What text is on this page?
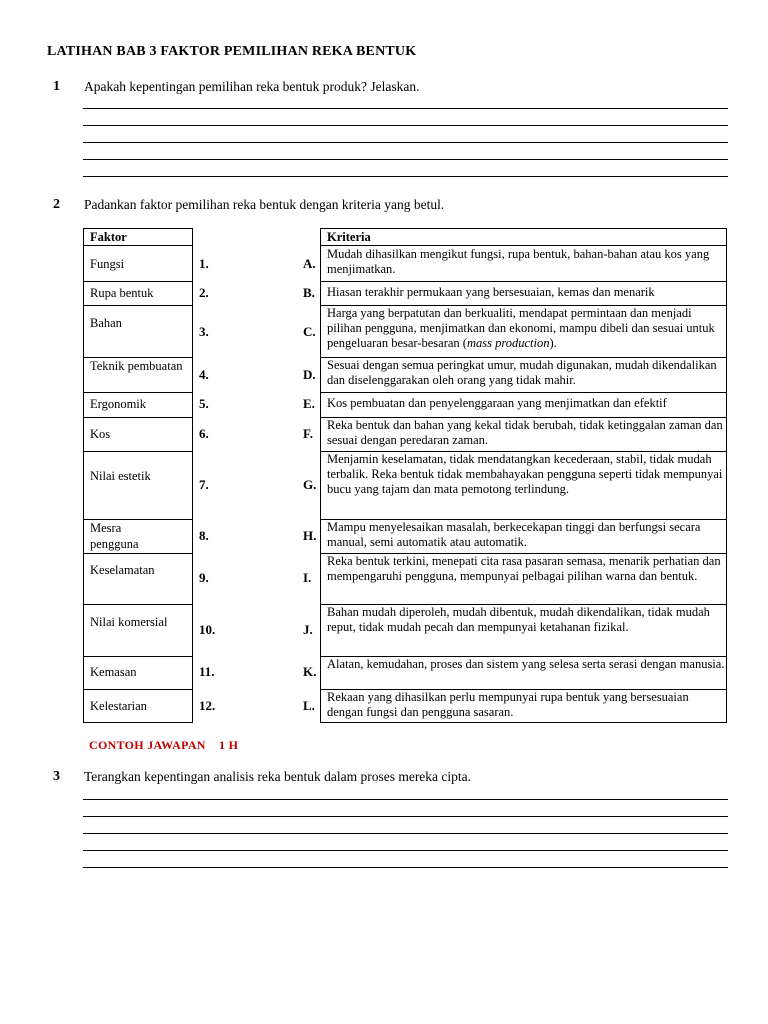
LATIHAN BAB 3 FAKTOR PEMILIHAN REKA BENTUK
1 Apakah kepentingan pemilihan reka bentuk produk? Jelaskan.
2 Padankan faktor pemilihan reka bentuk dengan kriteria yang betul.
Faktor
Fungsi
Rupa bentuk
Bahan
Teknik pembuatan
Ergonomik
Kos
Nilai estetik
Mesra pengguna
Keselamatan
Nilai komersial
Kemasan
Kelestarian
1.
2.
3.
4.
5.
6.
7.
8.
9.
10.
11.
12.
A.
B.
C.
D.
E.
F.
G.
H.
I.
J.
K.
L.
Kriteria
Mudah dihasilkan mengikut fungsi, rupa bentuk, bahan-bahan atau kos yang menjimatkan.
Hiasan terakhir permukaan yang bersesuaian, kemas dan menarik
Harga yang berpatutan dan berkualiti, mendapat permintaan dan menjadi pilihan pengguna, menjimatkan dan ekonomi, mampu dibeli dan sesuai untuk pengeluaran besar-besaran (mass production).
Sesuai dengan semua peringkat umur, mudah digunakan, mudah dikendalikan dan diselenggarakan oleh orang yang tidak mahir.
Kos pembuatan dan penyelenggaraan yang menjimatkan dan efektif
Reka bentuk dan bahan yang kekal tidak berubah, tidak ketinggalan zaman dan sesuai dengan peredaran zaman.
Menjamin keselamatan, tidak mendatangkan kecederaan, stabil, tidak mudah terbalik. Reka bentuk tidak membahayakan pengguna seperti tidak mempunyai bucu yang tajam dan mata pemotong terlindung.
Mampu menyelesaikan masalah, berkecekapan tinggi dan berfungsi secara manual, semi automatik atau automatik.
Reka bentuk terkini, menepati cita rasa pasaran semasa, menarik perhatian dan mempengaruhi pengguna, mempunyai pelbagai pilihan warna dan bentuk.
Bahan mudah diperoleh, mudah dibentuk, mudah dikendalikan, tidak mudah reput, tidak mudah pecah dan mempunyai ketahanan fizikal.
Alatan, kemudahan, proses dan sistem yang selesa serta serasi dengan manusia.
Rekaan yang dihasilkan perlu mempunyai rupa bentuk yang bersesuaian dengan fungsi dan pengguna sasaran.
CONTOH JAWAPAN    1 H
3 Terangkan kepentingan analisis reka bentuk dalam proses mereka cipta.
